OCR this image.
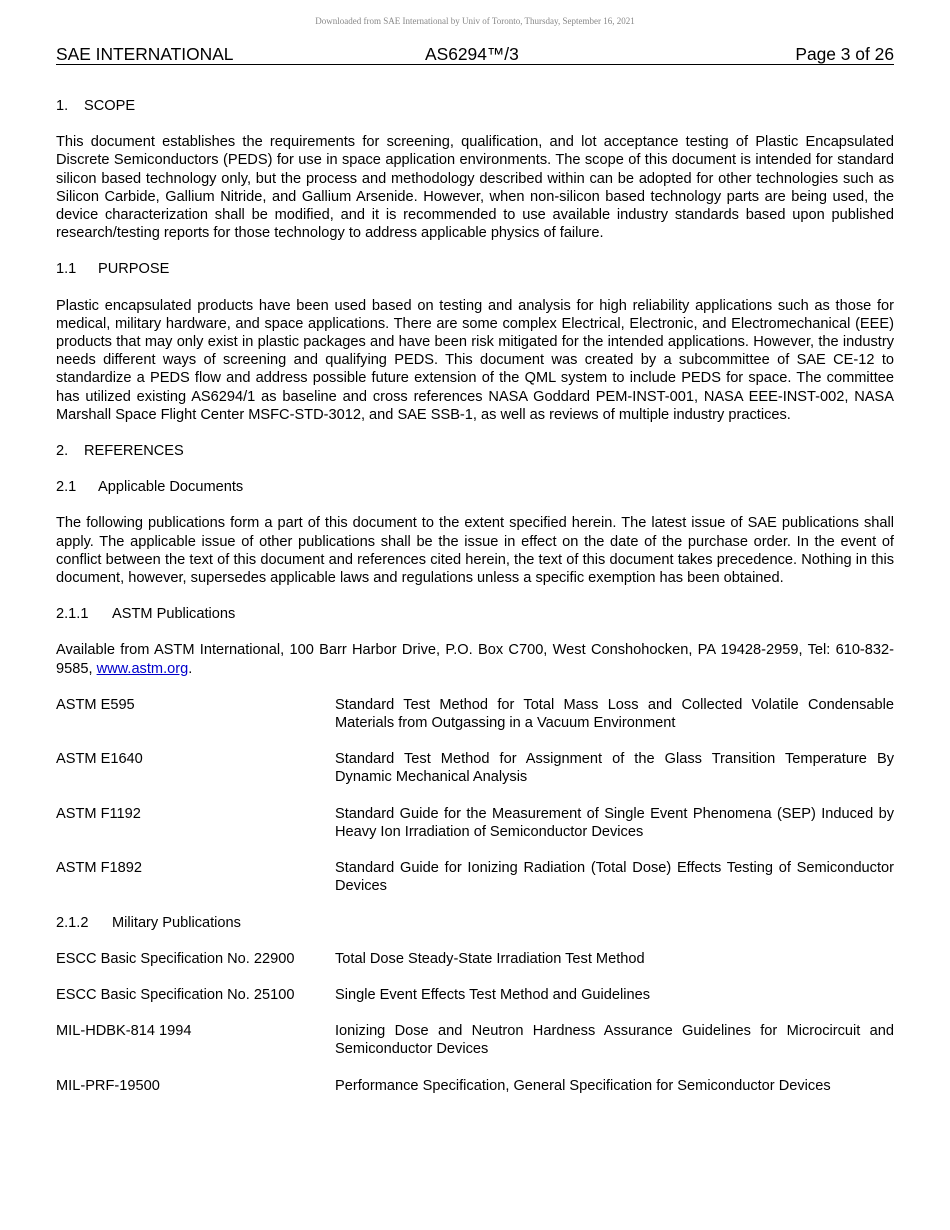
Downloaded from SAE International by Univ of Toronto, Thursday, September 16, 2021
SAE INTERNATIONAL	AS6294™/3	Page 3 of 26
1. SCOPE

This document establishes the requirements for screening, qualification, and lot acceptance testing of Plastic Encapsulated Discrete Semiconductors (PEDS) for use in space application environments. The scope of this document is intended for standard silicon based technology only, but the process and methodology described within can be adopted for other technologies such as Silicon Carbide, Gallium Nitride, and Gallium Arsenide. However, when non-silicon based technology parts are being used, the device characterization shall be modified, and it is recommended to use available industry standards based upon published research/testing reports for those technology to address applicable physics of failure.

1.1 PURPOSE

Plastic encapsulated products have been used based on testing and analysis for high reliability applications such as those for medical, military hardware, and space applications. There are some complex Electrical, Electronic, and Electromechanical (EEE) products that may only exist in plastic packages and have been risk mitigated for the intended applications. However, the industry needs different ways of screening and qualifying PEDS. This document was created by a subcommittee of SAE CE-12 to standardize a PEDS flow and address possible future extension of the QML system to include PEDS for space. The committee has utilized existing AS6294/1 as baseline and cross references NASA Goddard PEM-INST-001, NASA EEE-INST-002, NASA Marshall Space Flight Center MSFC-STD-3012, and SAE SSB-1, as well as reviews of multiple industry practices.

2. REFERENCES
2.1 Applicable Documents

The following publications form a part of this document to the extent specified herein. The latest issue of SAE publications shall apply. The applicable issue of other publications shall be the issue in effect on the date of the purchase order. In the event of conflict between the text of this document and references cited herein, the text of this document takes precedence. Nothing in this document, however, supersedes applicable laws and regulations unless a specific exemption has been obtained.

2.1.1 ASTM Publications

Available from ASTM International, 100 Barr Harbor Drive, P.O. Box C700, West Conshohocken, PA 19428-2959, Tel: 610-832-9585, www.astm.org.

ASTM E595	Standard Test Method for Total Mass Loss and Collected Volatile Condensable Materials from Outgassing in a Vacuum Environment
ASTM E1640	Standard Test Method for Assignment of the Glass Transition Temperature By Dynamic Mechanical Analysis
ASTM F1192	Standard Guide for the Measurement of Single Event Phenomena (SEP) Induced by Heavy Ion Irradiation of Semiconductor Devices
ASTM F1892	Standard Guide for Ionizing Radiation (Total Dose) Effects Testing of Semiconductor Devices
2.1.2 Military Publications
ESCC Basic Specification No. 22900	Total Dose Steady-State Irradiation Test Method
ESCC Basic Specification No. 25100	Single Event Effects Test Method and Guidelines
MIL-HDBK-814 1994	Ionizing Dose and Neutron Hardness Assurance Guidelines for Microcircuit and Semiconductor Devices
MIL-PRF-19500	Performance Specification, General Specification for Semiconductor Devices
